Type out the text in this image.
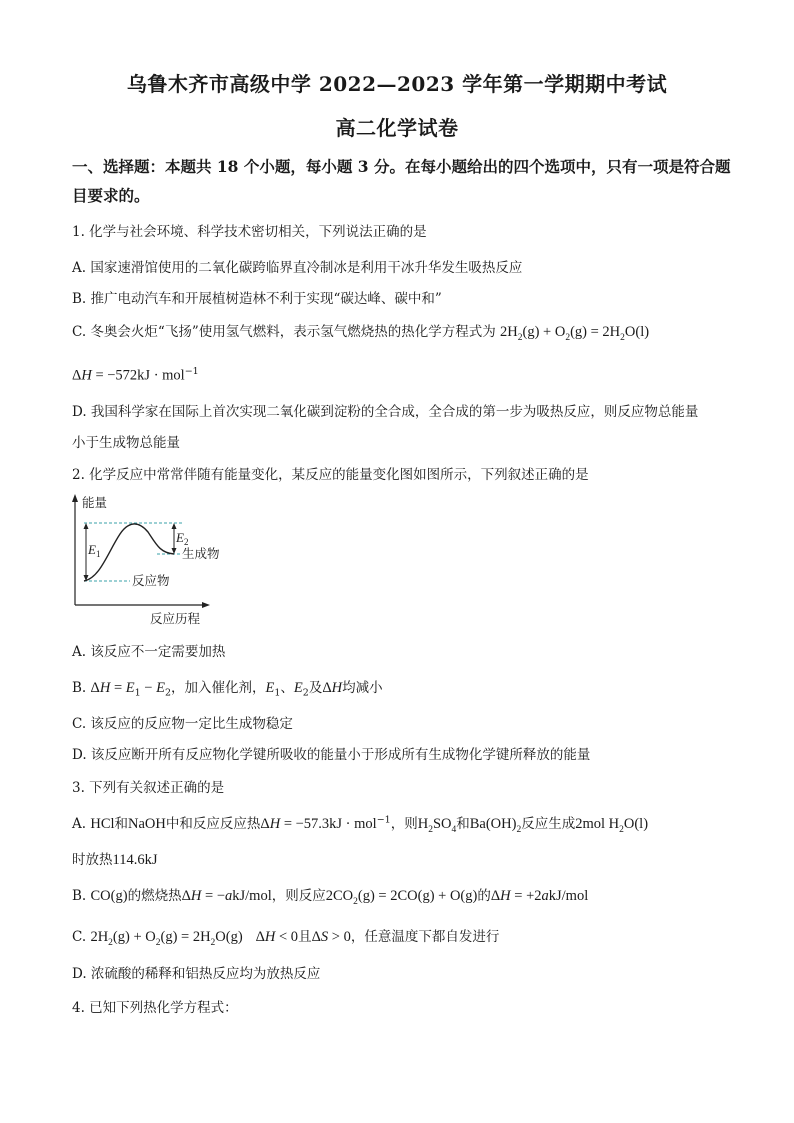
乌鲁木齐市高级中学 2022—2023 学年第一学期期中考试
高二化学试卷
一、选择题：本题共 18 个小题，每小题 3 分。在每小题给出的四个选项中，只有一项是符合题目要求的。
1. 化学与社会环境、科学技术密切相关，下列说法正确的是
A. 国家速滑馆使用的二氧化碳跨临界直冷制冰是利用干冰升华发生吸热反应
B. 推广电动汽车和开展植树造林不利于实现“碳达峰、碳中和”
C. 冬奥会火炬“飞扬”使用氢气燃料，表示氢气燃烧热的热化学方程式为 $2H_2(g) + O_2(g) = 2H_2O(l)$
ΔH = −572kJ · mol$^{-1}$
D. 我国科学家在国际上首次实现二氧化碳到淀粉的全合成，全合成的第一步为吸热反应，则反应物总能量
小于生成物总能量
2. 化学反应中常常伴随有能量变化，某反应的能量变化图如图所示，下列叙述正确的是
能量
反应历程
$E_1$
$E_2$
生成物
反应物
A. 该反应不一定需要加热
B. $\Delta H = E_1 - E_2$，加入催化剂，$E_1$、$E_2$及ΔH均减小
C. 该反应的反应物一定比生成物稳定
D. 该反应断开所有反应物化学键所吸收的能量小于形成所有生成物化学键所释放的能量
3. 下列有关叙述正确的是
A. HCl和NaOH中和反应反应热ΔH = −57.3kJ · mol$^{-1}$，则$H_2SO_4$和$Ba(OH)_2$反应生成2mol $H_2O(l)$
时放热114.6kJ
B. CO(g)的燃烧热ΔH = −akJ/mol，则反应$2CO_2(g) = 2CO(g) + O(g)$的ΔH = +2akJ/mol
C. $2H_2(g) + O_2(g) = 2H_2O(g) \Delta H < 0$且ΔS > 0，任意温度下都自发进行
D. 浓硫酸的稀释和铝热反应均为放热反应
4. 已知下列热化学方程式：
